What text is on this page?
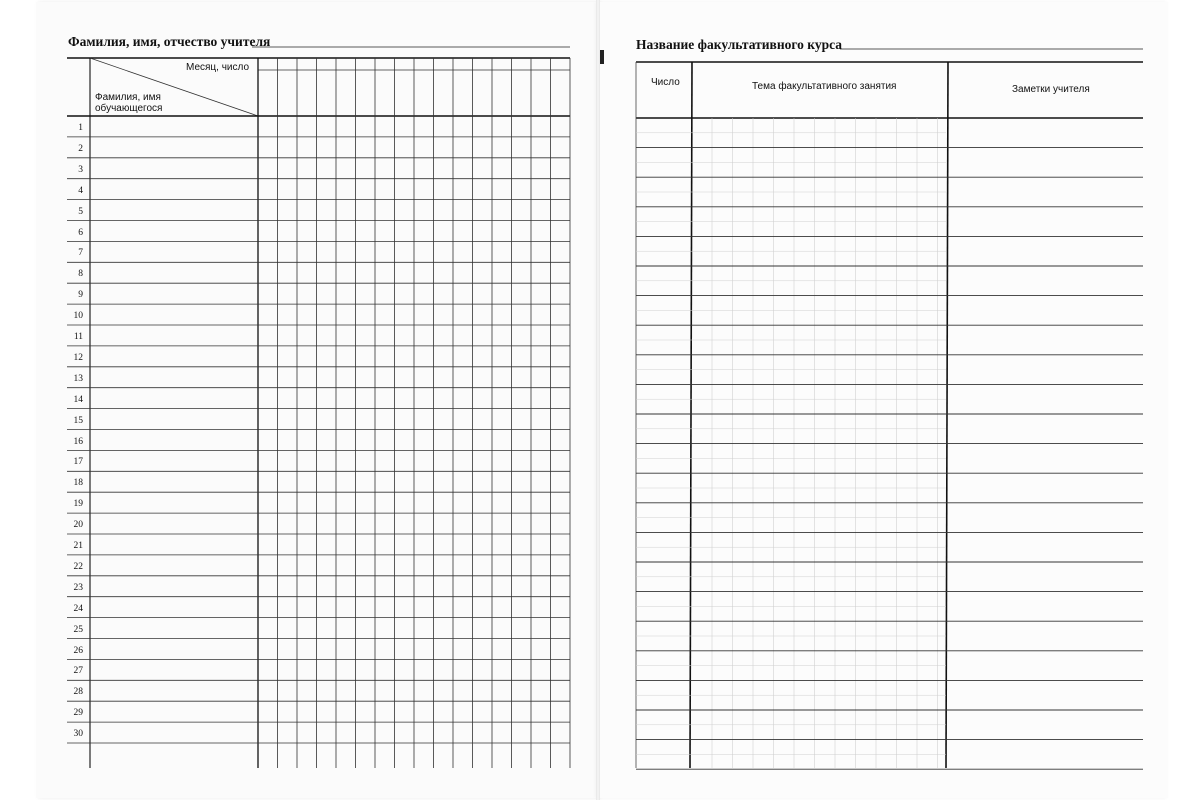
Фамилия, имя, отчество учителя
Месяц, число
Фамилия, имя обучающегося
1
2
3
4
5
6
7
8
9
10
11
12
13
14
15
16
17
18
19
20
21
22
23
24
25
26
27
28
29
30
Название факультативного курса
Число	Тема факультативного занятия	Заметки учителя
